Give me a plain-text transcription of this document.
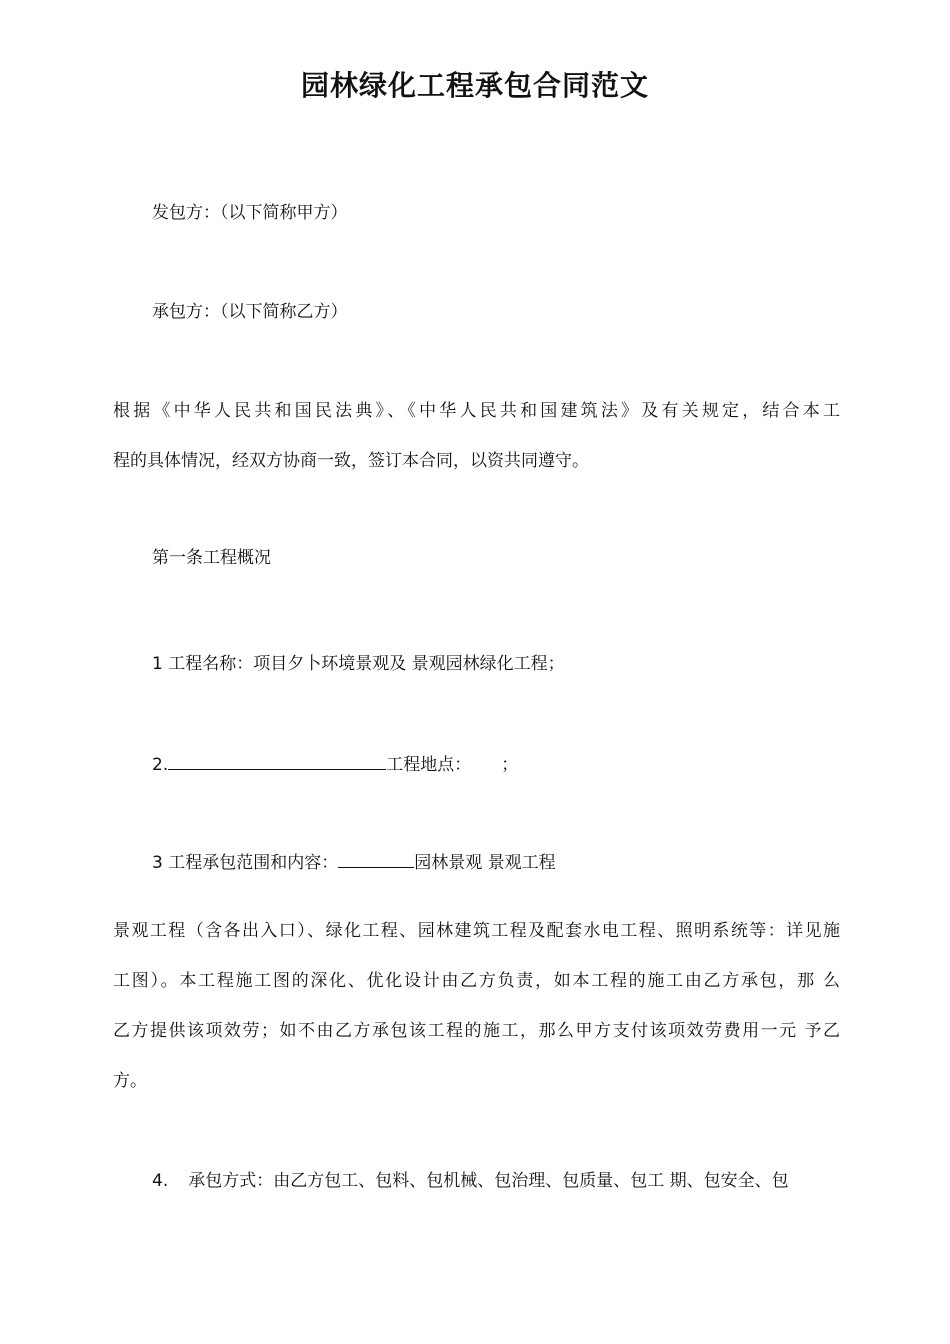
园林绿化工程承包合同范文
发包方：（以下简称甲方）
承包方：（以下简称乙方）
根据《中华人民共和国民法典》、《中华人民共和国建筑法》及有关规定，结合本工
程的具体情况，经双方协商一致，签订本合同，以资共同遵守。
第一条工程概况
1 工程名称：项目夕卜环境景观及 景观园林绿化工程；
2.	工程地点： ；
3 工程承包范围和内容：	园林景观 景观工程
景观工程（含各出入口）、绿化工程、园林建筑工程及配套水电工程、照明系统等：详见施
工图）。本工程施工图的深化、优化设计由乙方负责，如本工程的施工由乙方承包，那 么
乙方提供该项效劳；如不由乙方承包该工程的施工，那么甲方支付该项效劳费用一元 予乙
方。
4. 承包方式：由乙方包工、包料、包机械、包治理、包质量、包工 期、包安全、包
